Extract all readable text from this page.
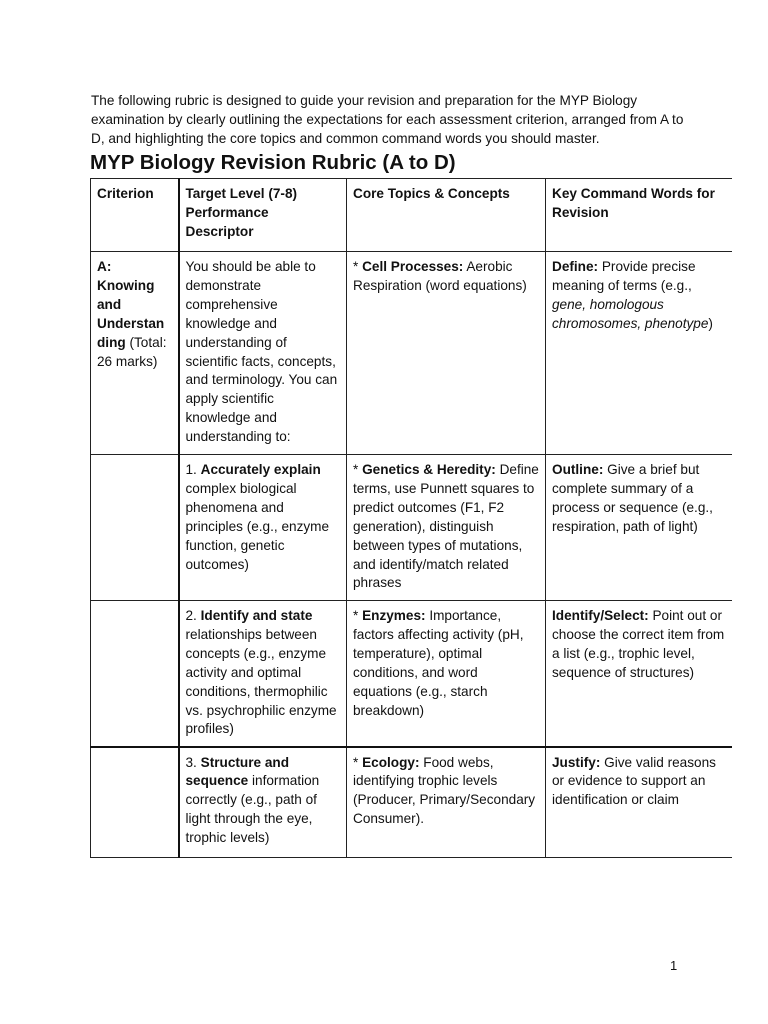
The following rubric is designed to guide your revision and preparation for the MYP Biology examination by clearly outlining the expectations for each assessment criterion, arranged from A to D, and highlighting the core topics and common command words you should master.

MYP Biology Revision Rubric (A to D)
Criterion	Target Level (7-8) Performance Descriptor	Core Topics & Concepts	Key Command Words for Revision
A: Knowing and Understan ding (Total: 26 marks)	You should be able to demonstrate comprehensive knowledge and understanding of scientific facts, concepts, and terminology. You can apply scientific knowledge and understanding to:	* Cell Processes: Aerobic Respiration (word equations)	Define: Provide precise meaning of terms (e.g., gene, homologous chromosomes, phenotype)
	1. Accurately explain complex biological phenomena and principles (e.g., enzyme function, genetic outcomes)	* Genetics & Heredity: Define terms, use Punnett squares to predict outcomes (F1, F2 generation), distinguish between types of mutations, and identify/match related phrases	Outline: Give a brief but complete summary of a process or sequence (e.g., respiration, path of light)
	2. Identify and state relationships between concepts (e.g., enzyme activity and optimal conditions, thermophilic vs. psychrophilic enzyme profiles)	* Enzymes: Importance, factors affecting activity (pH, temperature), optimal conditions, and word equations (e.g., starch breakdown)	Identify/Select: Point out or choose the correct item from a list (e.g., trophic level, sequence of structures)
	3. Structure and sequence information correctly (e.g., path of light through the eye, trophic levels)	* Ecology: Food webs, identifying trophic levels (Producer, Primary/Secondary Consumer).	Justify: Give valid reasons or evidence to support an identification or claim
1
